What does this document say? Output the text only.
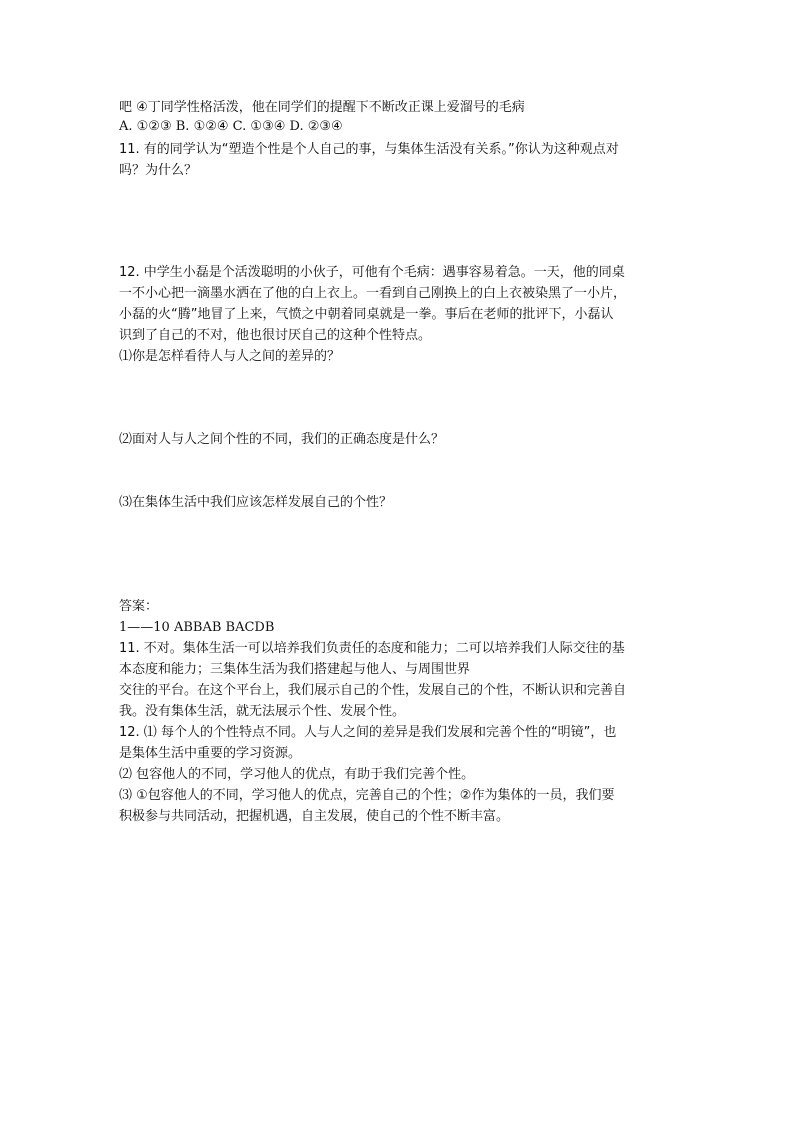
吧 ④丁同学性格活泼，他在同学们的提醒下不断改正课上爱溜号的毛病
A. ①②③ B. ①②④ C. ①③④ D. ②③④
11. 有的同学认为“塑造个性是个人自己的事，与集体生活没有关系。”你认为这种观点对
吗？为什么？
12. 中学生小磊是个活泼聪明的小伙子，可他有个毛病：遇事容易着急。一天，他的同桌
一不小心把一滴墨水洒在了他的白上衣上。一看到自己刚换上的白上衣被染黑了一小片，
小磊的火“腾”地冒了上来，气愤之中朝着同桌就是一拳。事后在老师的批评下，小磊认
识到了自己的不对，他也很讨厌自己的这种个性特点。
⑴你是怎样看待人与人之间的差异的？
⑵面对人与人之间个性的不同，我们的正确态度是什么？
⑶在集体生活中我们应该怎样发展自己的个性？
答案：
1——10 ABBAB BACDB
11. 不对。集体生活一可以培养我们负责任的态度和能力；二可以培养我们人际交往的基
本态度和能力；三集体生活为我们搭建起与他人、与周围世界
交往的平台。在这个平台上，我们展示自己的个性，发展自己的个性，不断认识和完善自
我。没有集体生活，就无法展示个性、发展个性。
12. ⑴ 每个人的个性特点不同。人与人之间的差异是我们发展和完善个性的“明镜”，也
是集体生活中重要的学习资源。
⑵ 包容他人的不同，学习他人的优点，有助于我们完善个性。
⑶ ①包容他人的不同，学习他人的优点，完善自己的个性；②作为集体的一员，我们要
积极参与共同活动，把握机遇，自主发展，使自己的个性不断丰富。
